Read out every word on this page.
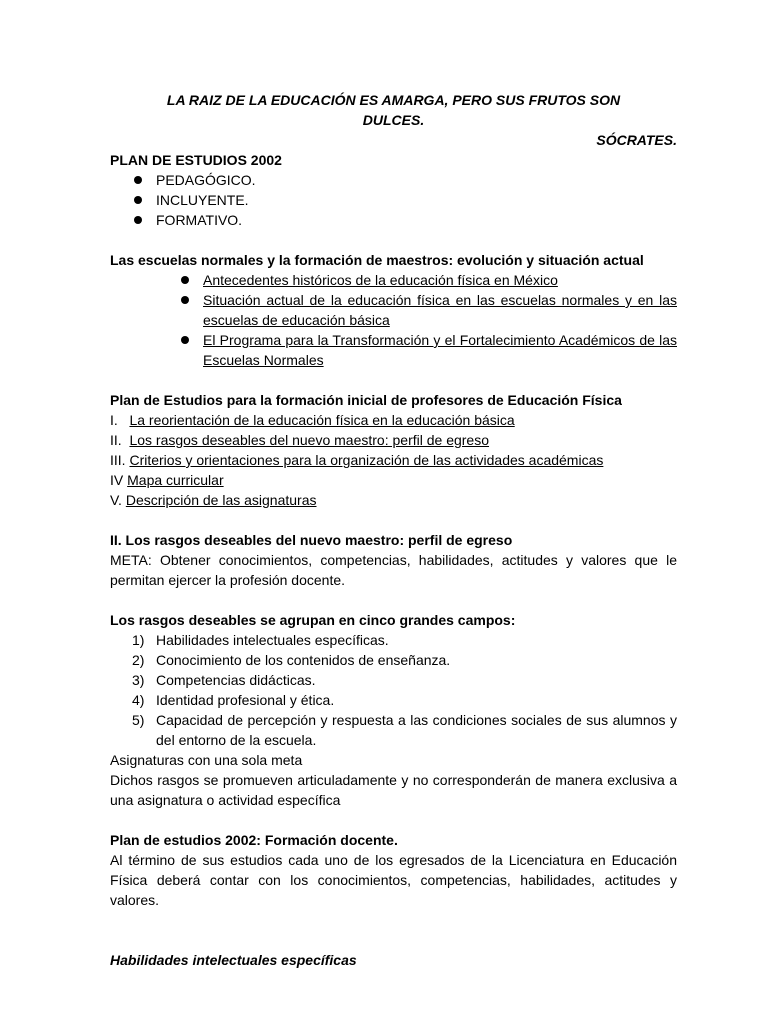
LA RAIZ DE LA EDUCACIÓN ES AMARGA, PERO SUS FRUTOS SON
DULCES.
SÓCRATES.
PLAN DE ESTUDIOS 2002
PEDAGÓGICO.
INCLUYENTE.
FORMATIVO.
Las escuelas normales y la formación de maestros: evolución y situación actual
Antecedentes históricos de la educación física en México
Situación actual de la educación física en las escuelas normales y en las escuelas de educación básica
El Programa para la Transformación y el Fortalecimiento Académicos de las Escuelas Normales
Plan de Estudios para la formación inicial de profesores de Educación Física
I. La reorientación de la educación física en la educación básica
II. Los rasgos deseables del nuevo maestro: perfil de egreso
III. Criterios y orientaciones para la organización de las actividades académicas
IV Mapa curricular
V. Descripción de las asignaturas
II. Los rasgos deseables del nuevo maestro: perfil de egreso
META: Obtener conocimientos, competencias, habilidades, actitudes y valores que le permitan ejercer la profesión docente.
Los rasgos deseables se agrupan en cinco grandes campos:
1) Habilidades intelectuales específicas.
2) Conocimiento de los contenidos de enseñanza.
3) Competencias didácticas.
4) Identidad profesional y ética.
5) Capacidad de percepción y respuesta a las condiciones sociales de sus alumnos y del entorno de la escuela.
Asignaturas con una sola meta
Dichos rasgos se promueven articuladamente y no corresponderán de manera exclusiva a una asignatura o actividad específica
Plan de estudios 2002: Formación docente.
Al término de sus estudios cada uno de los egresados de la Licenciatura en Educación Física deberá contar con los conocimientos, competencias, habilidades, actitudes y valores.
Habilidades intelectuales específicas
